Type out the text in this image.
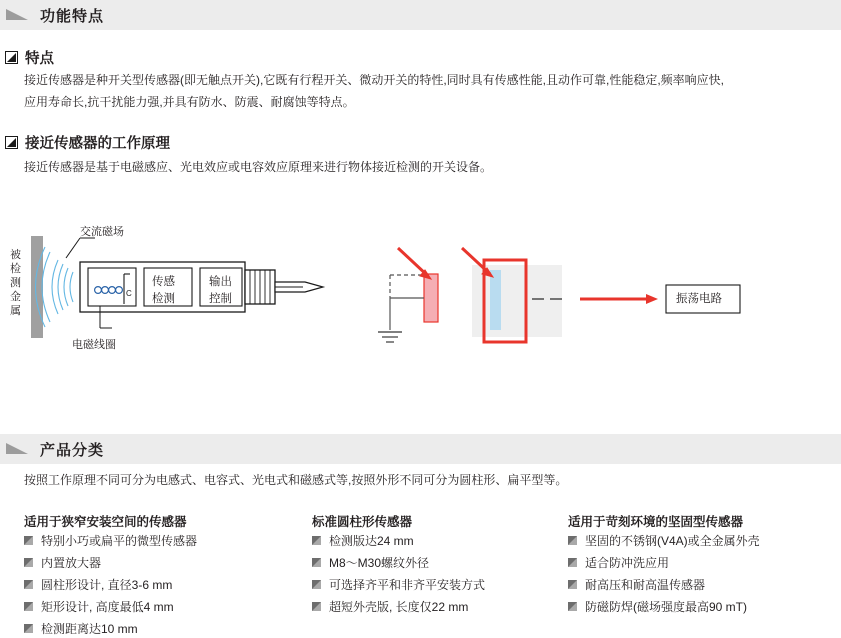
功能特点
特点
接近传感器是种开关型传感器(即无触点开关),它既有行程开关、微动开关的特性,同时具有传感性能,且动作可靠,性能稳定,频率响应快,
应用寿命长,抗干扰能力强,并具有防水、防震、耐腐蚀等特点。
接近传感器的工作原理
接近传感器是基于电磁感应、光电效应或电容效应原理来进行物体接近检测的开关设备。
C
交流磁场
电磁线圈
被检测金属
传感
检测
输出
控制	振荡电路
产品分类
按照工作原理不同可分为电感式、电容式、光电式和磁感式等,按照外形不同可分为圆柱形、扁平型等。
适用于狭窄安装空间的传感器
特别小巧或扁平的微型传感器
内置放大器
圆柱形设计, 直径3-6 mm
矩形设计, 高度最低4 mm
检测距离达10 mm
标准圆柱形传感器
检测版达24 mm
M8～M30螺纹外径
可选择齐平和非齐平安装方式
超短外壳版, 长度仅22 mm
适用于苛刻环境的坚固型传感器
坚固的不锈钢(V4A)或全金属外壳
适合防冲洗应用
耐高压和耐高温传感器
防磁防焊(磁场强度最高90 mT)
